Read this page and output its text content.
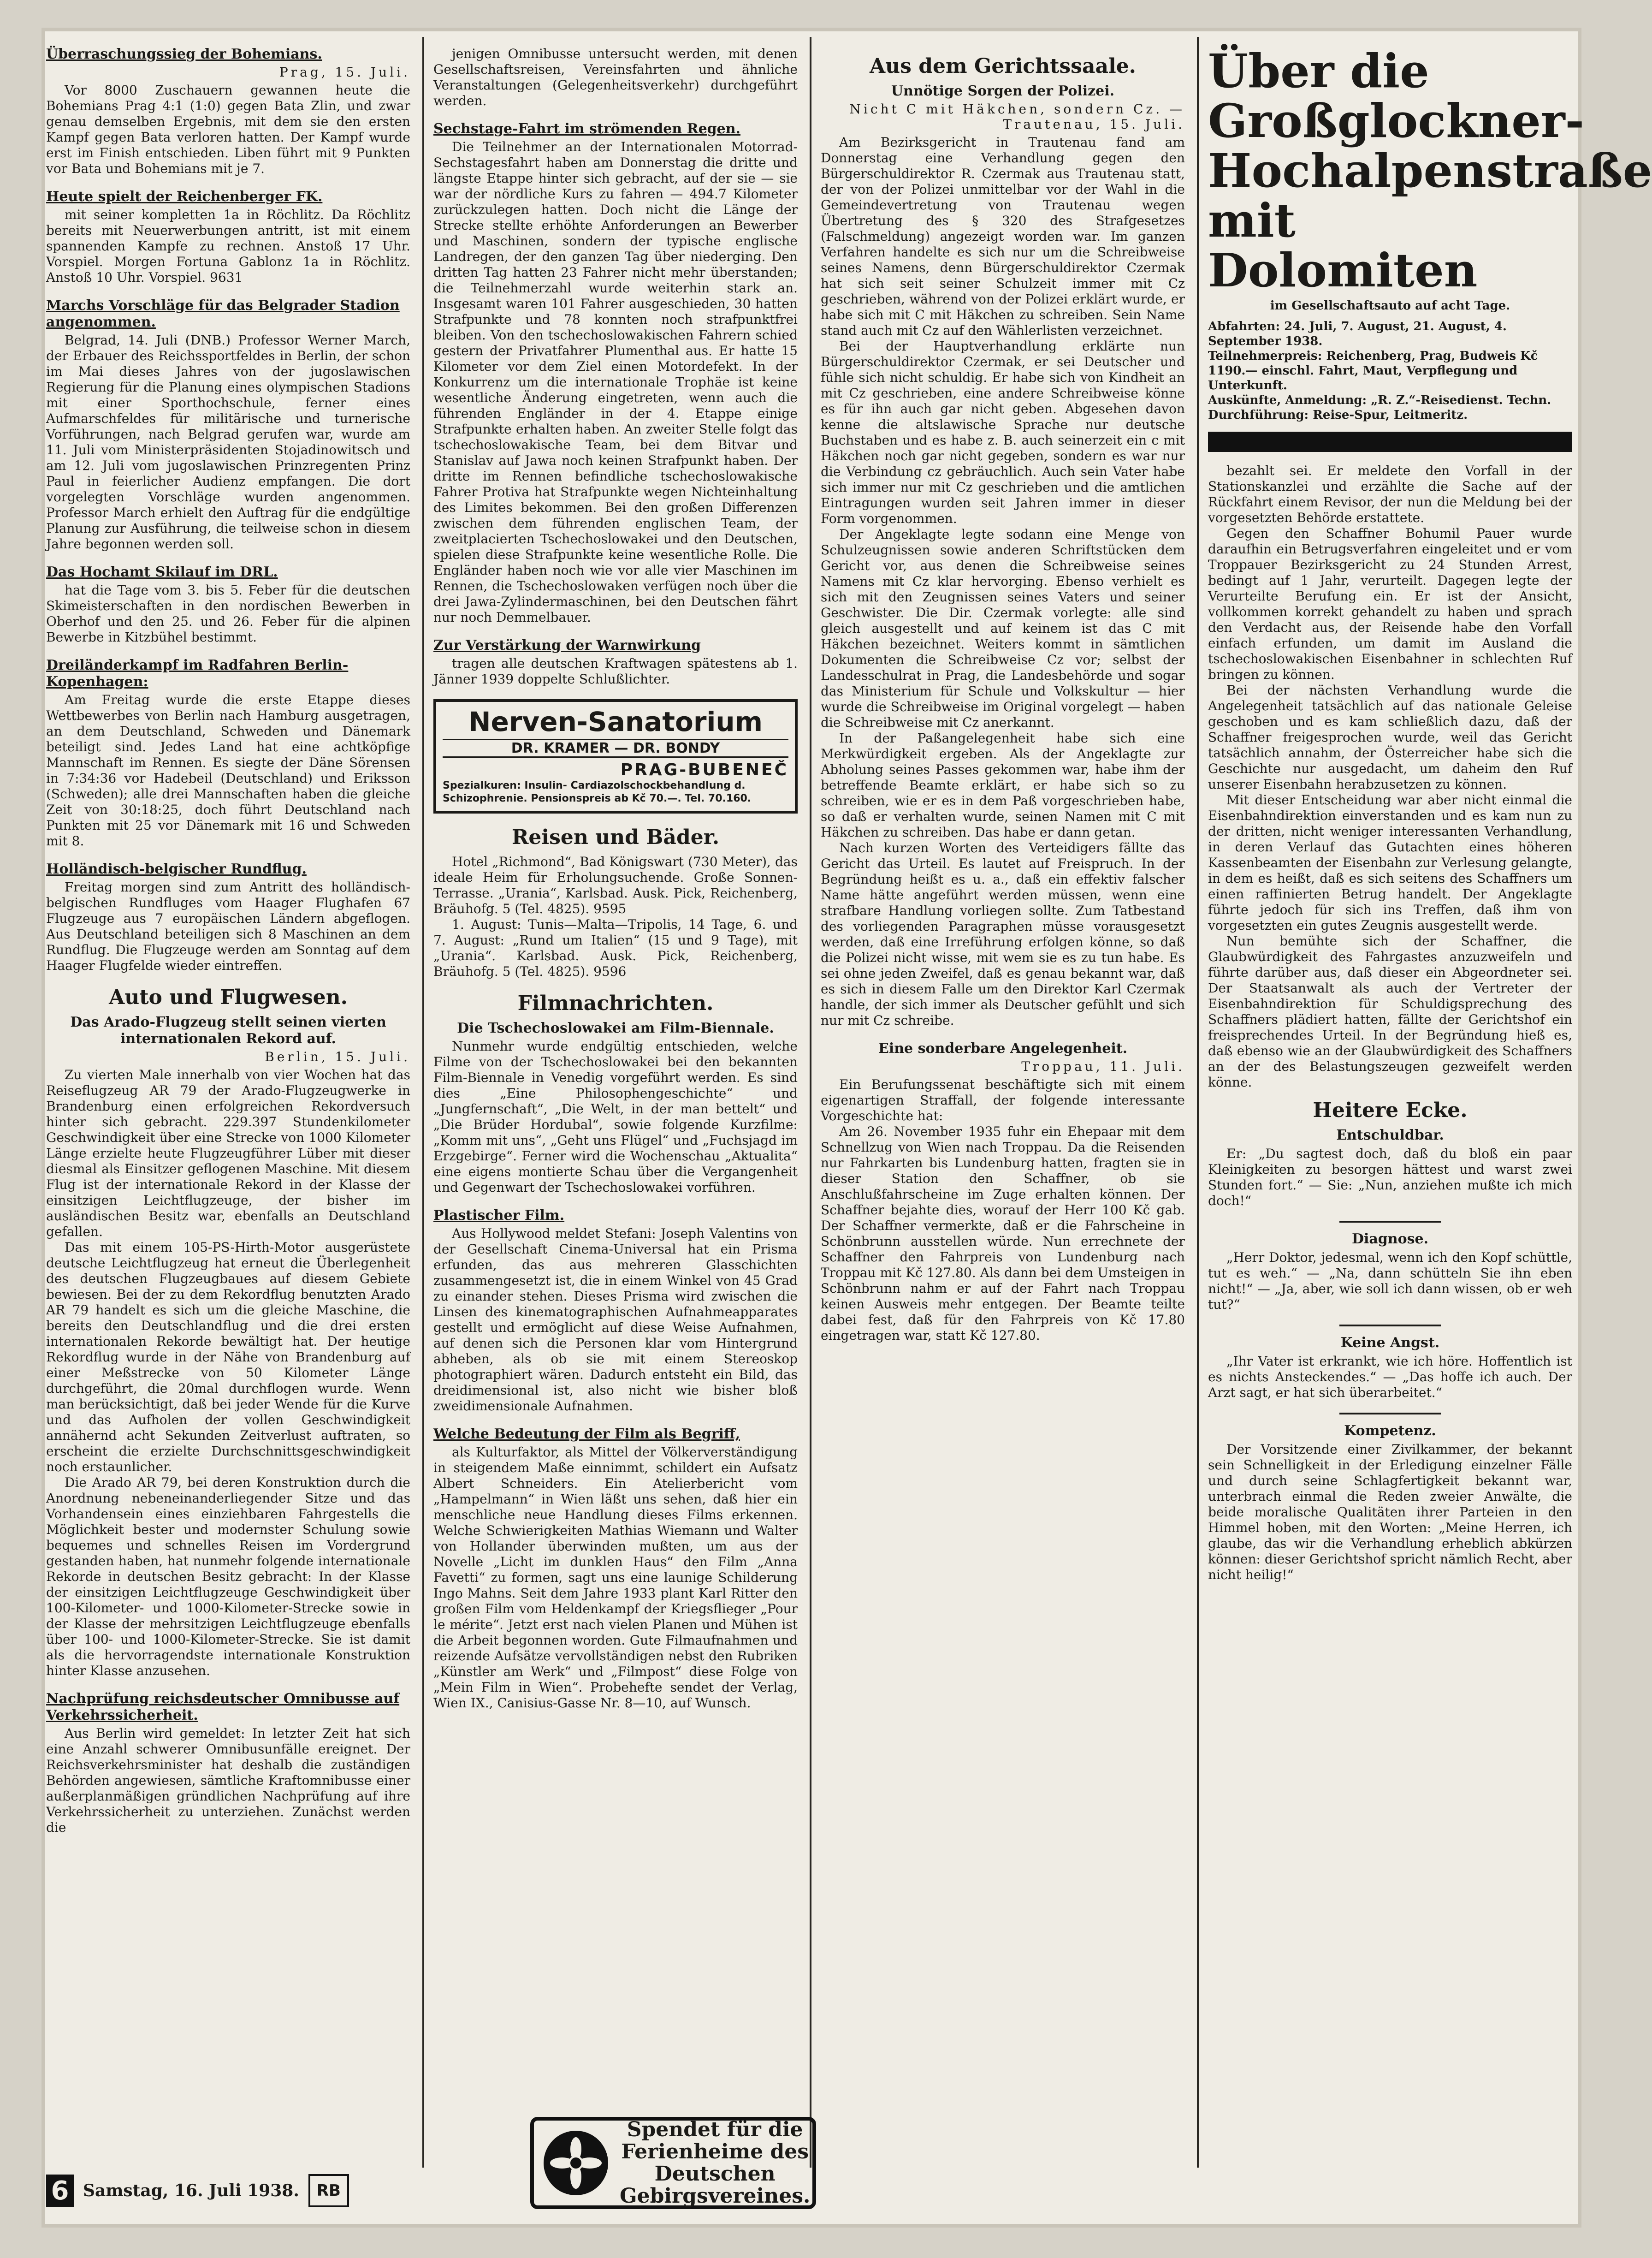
Überraschungssieg der Bohemians.
Prag, 15. Juli.

Vor 8000 Zuschauern gewannen heute die Bohemians Prag 4:1 (1:0) gegen Bata Zlin, und zwar genau demselben Ergebnis, mit dem sie den ersten Kampf gegen Bata verloren hatten. Der Kampf wurde erst im Finish entschieden. Liben führt mit 9 Punkten vor Bata und Bohemians mit je 7.

Heute spielt der Reichenberger FK.

mit seiner kompletten 1a in Röchlitz. Da Röchlitz bereits mit Neuerwerbungen antritt, ist mit einem spannenden Kampfe zu rechnen. Anstoß 17 Uhr. Vorspiel. Morgen Fortuna Gablonz 1a in Röchlitz. Anstoß 10 Uhr. Vorspiel. 9631

Marchs Vorschläge für das Belgrader Stadion angenommen.

Belgrad, 14. Juli (DNB.) Professor Werner March, der Erbauer des Reichssportfeldes in Berlin, der schon im Mai dieses Jahres von der jugoslawischen Regierung für die Planung eines olympischen Stadions mit einer Sporthochschule, ferner eines Aufmarschfeldes für militärische und turnerische Vorführungen, nach Belgrad gerufen war, wurde am 11. Juli vom Ministerpräsidenten Stojadinowitsch und am 12. Juli vom jugoslawischen Prinzregenten Prinz Paul in feierlicher Audienz empfangen. Die dort vorgelegten Vorschläge wurden angenommen. Professor March erhielt den Auftrag für die endgültige Planung zur Ausführung, die teilweise schon in diesem Jahre begonnen werden soll.

Das Hochamt Skilauf im DRL.

hat die Tage vom 3. bis 5. Feber für die deutschen Skimeisterschaften in den nordischen Bewerben in Oberhof und den 25. und 26. Feber für die alpinen Bewerbe in Kitzbühel bestimmt.

Dreiländerkampf im Radfahren Berlin-Kopenhagen:

Am Freitag wurde die erste Etappe dieses Wettbewerbes von Berlin nach Hamburg ausgetragen, an dem Deutschland, Schweden und Dänemark beteiligt sind. Jedes Land hat eine achtköpfige Mannschaft im Rennen. Es siegte der Däne Sörensen in 7:34:36 vor Hadebeil (Deutschland) und Eriksson (Schweden); alle drei Mannschaften haben die gleiche Zeit von 30:18:25, doch führt Deutschland nach Punkten mit 25 vor Dänemark mit 16 und Schweden mit 8.

Holländisch-belgischer Rundflug.

Freitag morgen sind zum Antritt des holländisch-belgischen Rundfluges vom Haager Flughafen 67 Flugzeuge aus 7 europäischen Ländern abgeflogen. Aus Deutschland beteiligen sich 8 Maschinen an dem Rundflug. Die Flugzeuge werden am Sonntag auf dem Haager Flugfelde wieder eintreffen.

Auto und Flugwesen.
Das Arado-Flugzeug stellt seinen vierten internationalen Rekord auf.
Berlin, 15. Juli.

Zu vierten Male innerhalb von vier Wochen hat das Reiseflugzeug AR 79 der Arado-Flugzeugwerke in Brandenburg einen erfolgreichen Rekordversuch hinter sich gebracht. 229.397 Stundenkilometer Geschwindigkeit über eine Strecke von 1000 Kilometer Länge erzielte heute Flugzeugführer Lüber mit dieser diesmal als Einsitzer geflogenen Maschine. Mit diesem Flug ist der internationale Rekord in der Klasse der einsitzigen Leichtflugzeuge, der bisher im ausländischen Besitz war, ebenfalls an Deutschland gefallen.

Das mit einem 105-PS-Hirth-Motor ausgerüstete deutsche Leichtflugzeug hat erneut die Überlegenheit des deutschen Flugzeugbaues auf diesem Gebiete bewiesen. Bei der zu dem Rekordflug benutzten Arado AR 79 handelt es sich um die gleiche Maschine, die bereits den Deutschlandflug und die drei ersten internationalen Rekorde bewältigt hat. Der heutige Rekordflug wurde in der Nähe von Brandenburg auf einer Meßstrecke von 50 Kilometer Länge durchgeführt, die 20mal durchflogen wurde. Wenn man berücksichtigt, daß bei jeder Wende für die Kurve und das Aufholen der vollen Geschwindigkeit annähernd acht Sekunden Zeitverlust auftraten, so erscheint die erzielte Durchschnittsgeschwindigkeit noch erstaunlicher.

Die Arado AR 79, bei deren Konstruktion durch die Anordnung nebeneinanderliegender Sitze und das Vorhandensein eines einziehbaren Fahrgestells die Möglichkeit bester und modernster Schulung sowie bequemes und schnelles Reisen im Vordergrund gestanden haben, hat nunmehr folgende internationale Rekorde in deutschen Besitz gebracht: In der Klasse der einsitzigen Leichtflugzeuge Geschwindigkeit über 100-Kilometer- und 1000-Kilometer-Strecke sowie in der Klasse der mehrsitzigen Leichtflugzeuge ebenfalls über 100- und 1000-Kilometer-Strecke. Sie ist damit als die hervorragendste internationale Konstruktion hinter Klasse anzusehen.

Nachprüfung reichsdeutscher Omnibusse auf Verkehrssicherheit.

Aus Berlin wird gemeldet: In letzter Zeit hat sich eine Anzahl schwerer Omnibusunfälle ereignet. Der Reichsverkehrsminister hat deshalb die zuständigen Behörden angewiesen, sämtliche Kraftomnibusse einer außerplanmäßigen gründlichen Nachprüfung auf ihre Verkehrssicherheit zu unterziehen. Zunächst werden die

jenigen Omnibusse untersucht werden, mit denen Gesellschaftsreisen, Vereinsfahrten und ähnliche Veranstaltungen (Gelegenheitsverkehr) durchgeführt werden.

Sechstage-Fahrt im strömenden Regen.

Die Teilnehmer an der Internationalen Motorrad-Sechstagesfahrt haben am Donnerstag die dritte und längste Etappe hinter sich gebracht, auf der sie — sie war der nördliche Kurs zu fahren — 494.7 Kilometer zurückzulegen hatten. Doch nicht die Länge der Strecke stellte erhöhte Anforderungen an Bewerber und Maschinen, sondern der typische englische Landregen, der den ganzen Tag über niederging. Den dritten Tag hatten 23 Fahrer nicht mehr überstanden; die Teilnehmerzahl wurde weiterhin stark an. Insgesamt waren 101 Fahrer ausgeschieden, 30 hatten Strafpunkte und 78 konnten noch strafpunktfrei bleiben. Von den tschechoslowakischen Fahrern schied gestern der Privatfahrer Plumenthal aus. Er hatte 15 Kilometer vor dem Ziel einen Motordefekt. In der Konkurrenz um die internationale Trophäe ist keine wesentliche Änderung eingetreten, wenn auch die führenden Engländer in der 4. Etappe einige Strafpunkte erhalten haben. An zweiter Stelle folgt das tschechoslowakische Team, bei dem Bitvar und Stanislav auf Jawa noch keinen Strafpunkt haben. Der dritte im Rennen befindliche tschechoslowakische Fahrer Protiva hat Strafpunkte wegen Nichteinhaltung des Limites bekommen. Bei den großen Differenzen zwischen dem führenden englischen Team, der zweitplacierten Tschechoslowakei und den Deutschen, spielen diese Strafpunkte keine wesentliche Rolle. Die Engländer haben noch wie vor alle vier Maschinen im Rennen, die Tschechoslowaken verfügen noch über die drei Jawa-Zylindermaschinen, bei den Deutschen fährt nur noch Demmelbauer.

Zur Verstärkung der Warnwirkung

tragen alle deutschen Kraftwagen spätestens ab 1. Jänner 1939 doppelte Schlußlichter.

Nerven-Sanatorium
DR. KRAMER — DR. BONDY
PRAG-BUBENEČ
Spezialkuren: Insulin- Cardiazolschockbehandlung d. Schizophrenie. Pensionspreis ab Kč 70.—. Tel. 70.160.
Reisen und Bäder.

Hotel „Richmond“, Bad Königswart (730 Meter), das ideale Heim für Erholungsuchende. Große Sonnen-Terrasse. „Urania“, Karlsbad. Ausk. Pick, Reichenberg, Bräuhofg. 5 (Tel. 4825). 9595

1. August: Tunis—Malta—Tripolis, 14 Tage, 6. und 7. August: „Rund um Italien“ (15 und 9 Tage), mit „Urania“. Karlsbad. Ausk. Pick, Reichenberg, Bräuhofg. 5 (Tel. 4825). 9596

Filmnachrichten.
Die Tschechoslowakei am Film-Biennale.

Nunmehr wurde endgültig entschieden, welche Filme von der Tschechoslowakei bei den bekannten Film-Biennale in Venedig vorgeführt werden. Es sind dies „Eine Philosophengeschichte“ und „Jungfernschaft“, „Die Welt, in der man bettelt“ und „Die Brüder Hordubal“, sowie folgende Kurzfilme: „Komm mit uns“, „Geht uns Flügel“ und „Fuchsjagd im Erzgebirge“. Ferner wird die Wochenschau „Aktualita“ eine eigens montierte Schau über die Vergangenheit und Gegenwart der Tschechoslowakei vorführen.

Plastischer Film.

Aus Hollywood meldet Stefani: Joseph Valentins von der Gesellschaft Cinema-Universal hat ein Prisma erfunden, das aus mehreren Glasschichten zusammengesetzt ist, die in einem Winkel von 45 Grad zu einander stehen. Dieses Prisma wird zwischen die Linsen des kinematographischen Aufnahmeapparates gestellt und ermöglicht auf diese Weise Aufnahmen, auf denen sich die Personen klar vom Hintergrund abheben, als ob sie mit einem Stereoskop photographiert wären. Dadurch entsteht ein Bild, das dreidimensional ist, also nicht wie bisher bloß zweidimensionale Aufnahmen.

Welche Bedeutung der Film als Begriff,

als Kulturfaktor, als Mittel der Völkerverständigung in steigendem Maße einnimmt, schildert ein Aufsatz Albert Schneiders. Ein Atelierbericht vom „Hampelmann“ in Wien läßt uns sehen, daß hier ein menschliche neue Handlung dieses Films erkennen. Welche Schwierigkeiten Mathias Wiemann und Walter von Hollander überwinden mußten, um aus der Novelle „Licht im dunklen Haus“ den Film „Anna Favetti“ zu formen, sagt uns eine launige Schilderung Ingo Mahns. Seit dem Jahre 1933 plant Karl Ritter den großen Film vom Heldenkampf der Kriegsflieger „Pour le mérite“. Jetzt erst nach vielen Planen und Mühen ist die Arbeit begonnen worden. Gute Filmaufnahmen und reizende Aufsätze vervollständigen nebst den Rubriken „Künstler am Werk“ und „Filmpost“ diese Folge von „Mein Film in Wien“. Probehefte sendet der Verlag, Wien IX., Canisius-Gasse Nr. 8—10, auf Wunsch.

Aus dem Gerichtssaale.
Unnötige Sorgen der Polizei.
Nicht C mit Häkchen, sondern Cz. — Trautenau, 15. Juli.

Am Bezirksgericht in Trautenau fand am Donnerstag eine Verhandlung gegen den Bürgerschuldirektor R. Czermak aus Trautenau statt, der von der Polizei unmittelbar vor der Wahl in die Gemeindevertretung von Trautenau wegen Übertretung des § 320 des Strafgesetzes (Falschmeldung) angezeigt worden war. Im ganzen Verfahren handelte es sich nur um die Schreibweise seines Namens, denn Bürgerschuldirektor Czermak hat sich seit seiner Schulzeit immer mit Cz geschrieben, während von der Polizei erklärt wurde, er habe sich mit C mit Häkchen zu schreiben. Sein Name stand auch mit Cz auf den Wählerlisten verzeichnet.

Bei der Hauptverhandlung erklärte nun Bürgerschuldirektor Czermak, er sei Deutscher und fühle sich nicht schuldig. Er habe sich von Kindheit an mit Cz geschrieben, eine andere Schreibweise könne es für ihn auch gar nicht geben. Abgesehen davon kenne die altslawische Sprache nur deutsche Buchstaben und es habe z. B. auch seinerzeit ein c mit Häkchen noch gar nicht gegeben, sondern es war nur die Verbindung cz gebräuchlich. Auch sein Vater habe sich immer nur mit Cz geschrieben und die amtlichen Eintragungen wurden seit Jahren immer in dieser Form vorgenommen.

Der Angeklagte legte sodann eine Menge von Schulzeugnissen sowie anderen Schriftstücken dem Gericht vor, aus denen die Schreibweise seines Namens mit Cz klar hervorging. Ebenso verhielt es sich mit den Zeugnissen seines Vaters und seiner Geschwister. Die Dir. Czermak vorlegte: alle sind gleich ausgestellt und auf keinem ist das C mit Häkchen bezeichnet. Weiters kommt in sämtlichen Dokumenten die Schreibweise Cz vor; selbst der Landesschulrat in Prag, die Landesbehörde und sogar das Ministerium für Schule und Volkskultur — hier wurde die Schreibweise im Original vorgelegt — haben die Schreibweise mit Cz anerkannt.

In der Paßangelegenheit habe sich eine Merkwürdigkeit ergeben. Als der Angeklagte zur Abholung seines Passes gekommen war, habe ihm der betreffende Beamte erklärt, er habe sich so zu schreiben, wie er es in dem Paß vorgeschrieben habe, so daß er verhalten wurde, seinen Namen mit C mit Häkchen zu schreiben. Das habe er dann getan.

Nach kurzen Worten des Verteidigers fällte das Gericht das Urteil. Es lautet auf Freispruch. In der Begründung heißt es u. a., daß ein effektiv falscher Name hätte angeführt werden müssen, wenn eine strafbare Handlung vorliegen sollte. Zum Tatbestand des vorliegenden Paragraphen müsse vorausgesetzt werden, daß eine Irreführung erfolgen könne, so daß die Polizei nicht wisse, mit wem sie es zu tun habe. Es sei ohne jeden Zweifel, daß es genau bekannt war, daß es sich in diesem Falle um den Direktor Karl Czermak handle, der sich immer als Deutscher gefühlt und sich nur mit Cz schreibe.

Eine sonderbare Angelegenheit.
Troppau, 11. Juli.

Ein Berufungssenat beschäftigte sich mit einem eigenartigen Straffall, der folgende interessante Vorgeschichte hat:

Am 26. November 1935 fuhr ein Ehepaar mit dem Schnellzug von Wien nach Troppau. Da die Reisenden nur Fahrkarten bis Lundenburg hatten, fragten sie in dieser Station den Schaffner, ob sie Anschlußfahrscheine im Zuge erhalten können. Der Schaffner bejahte dies, worauf der Herr 100 Kč gab. Der Schaffner vermerkte, daß er die Fahrscheine in Schönbrunn ausstellen würde. Nun errechnete der Schaffner den Fahrpreis von Lundenburg nach Troppau mit Kč 127.80. Als dann bei dem Umsteigen in Schönbrunn nahm er auf der Fahrt nach Troppau keinen Ausweis mehr entgegen. Der Beamte teilte dabei fest, daß für den Fahrpreis von Kč 17.80 eingetragen war, statt Kč 127.80.

Über die Großglockner-Hochalpenstraße mit Dolomiten
im Gesellschaftsauto auf acht Tage.

Abfahrten: 24. Juli, 7. August, 21. August, 4. September 1938.

Teilnehmerpreis: Reichenberg, Prag, Budweis Kč 1190.— einschl. Fahrt, Maut, Verpflegung und Unterkunft.

Auskünfte, Anmeldung: „R. Z.“-Reisedienst. Techn. Durchführung: Reise-Spur, Leitmeritz.

bezahlt sei. Er meldete den Vorfall in der Stationskanzlei und erzählte die Sache auf der Rückfahrt einem Revisor, der nun die Meldung bei der vorgesetzten Behörde erstattete.

Gegen den Schaffner Bohumil Pauer wurde daraufhin ein Betrugsverfahren eingeleitet und er vom Troppauer Bezirksgericht zu 24 Stunden Arrest, bedingt auf 1 Jahr, verurteilt. Dagegen legte der Verurteilte Berufung ein. Er ist der Ansicht, vollkommen korrekt gehandelt zu haben und sprach den Verdacht aus, der Reisende habe den Vorfall einfach erfunden, um damit im Ausland die tschechoslowakischen Eisenbahner in schlechten Ruf bringen zu können.

Bei der nächsten Verhandlung wurde die Angelegenheit tatsächlich auf das nationale Geleise geschoben und es kam schließlich dazu, daß der Schaffner freigesprochen wurde, weil das Gericht tatsächlich annahm, der Österreicher habe sich die Geschichte nur ausgedacht, um daheim den Ruf unserer Eisenbahn herabzusetzen zu können.

Mit dieser Entscheidung war aber nicht einmal die Eisenbahndirektion einverstanden und es kam nun zu der dritten, nicht weniger interessanten Verhandlung, in deren Verlauf das Gutachten eines höheren Kassenbeamten der Eisenbahn zur Verlesung gelangte, in dem es heißt, daß es sich seitens des Schaffners um einen raffinierten Betrug handelt. Der Angeklagte führte jedoch für sich ins Treffen, daß ihm von vorgesetzten ein gutes Zeugnis ausgestellt werde.

Nun bemühte sich der Schaffner, die Glaubwürdigkeit des Fahrgastes anzuzweifeln und führte darüber aus, daß dieser ein Abgeordneter sei. Der Staatsanwalt als auch der Vertreter der Eisenbahndirektion für Schuldigsprechung des Schaffners plädiert hatten, fällte der Gerichtshof ein freisprechendes Urteil. In der Begründung hieß es, daß ebenso wie an der Glaubwürdigkeit des Schaffners an der des Belastungszeugen gezweifelt werden könne.

Heitere Ecke.
Entschuldbar.

Er: „Du sagtest doch, daß du bloß ein paar Kleinigkeiten zu besorgen hättest und warst zwei Stunden fort.“ — Sie: „Nun, anziehen mußte ich mich doch!“

Diagnose.

„Herr Doktor, jedesmal, wenn ich den Kopf schüttle, tut es weh.“ — „Na, dann schütteln Sie ihn eben nicht!“ — „Ja, aber, wie soll ich dann wissen, ob er weh tut?“

Keine Angst.

„Ihr Vater ist erkrankt, wie ich höre. Hoffentlich ist es nichts Ansteckendes.“ — „Das hoffe ich auch. Der Arzt sagt, er hat sich überarbeitet.“

Kompetenz.

Der Vorsitzende einer Zivilkammer, der bekannt sein Schnelligkeit in der Erledigung einzelner Fälle und durch seine Schlagfertigkeit bekannt war, unterbrach einmal die Reden zweier Anwälte, die beide moralische Qualitäten ihrer Parteien in den Himmel hoben, mit den Worten: „Meine Herren, ich glaube, das wir die Verhandlung erheblich abkürzen können: dieser Gerichtshof spricht nämlich Recht, aber nicht heilig!“

Spendet für die Ferienheime des Deutschen Gebirgsvereines.
6 Samstag, 16. Juli 1938.	RB
